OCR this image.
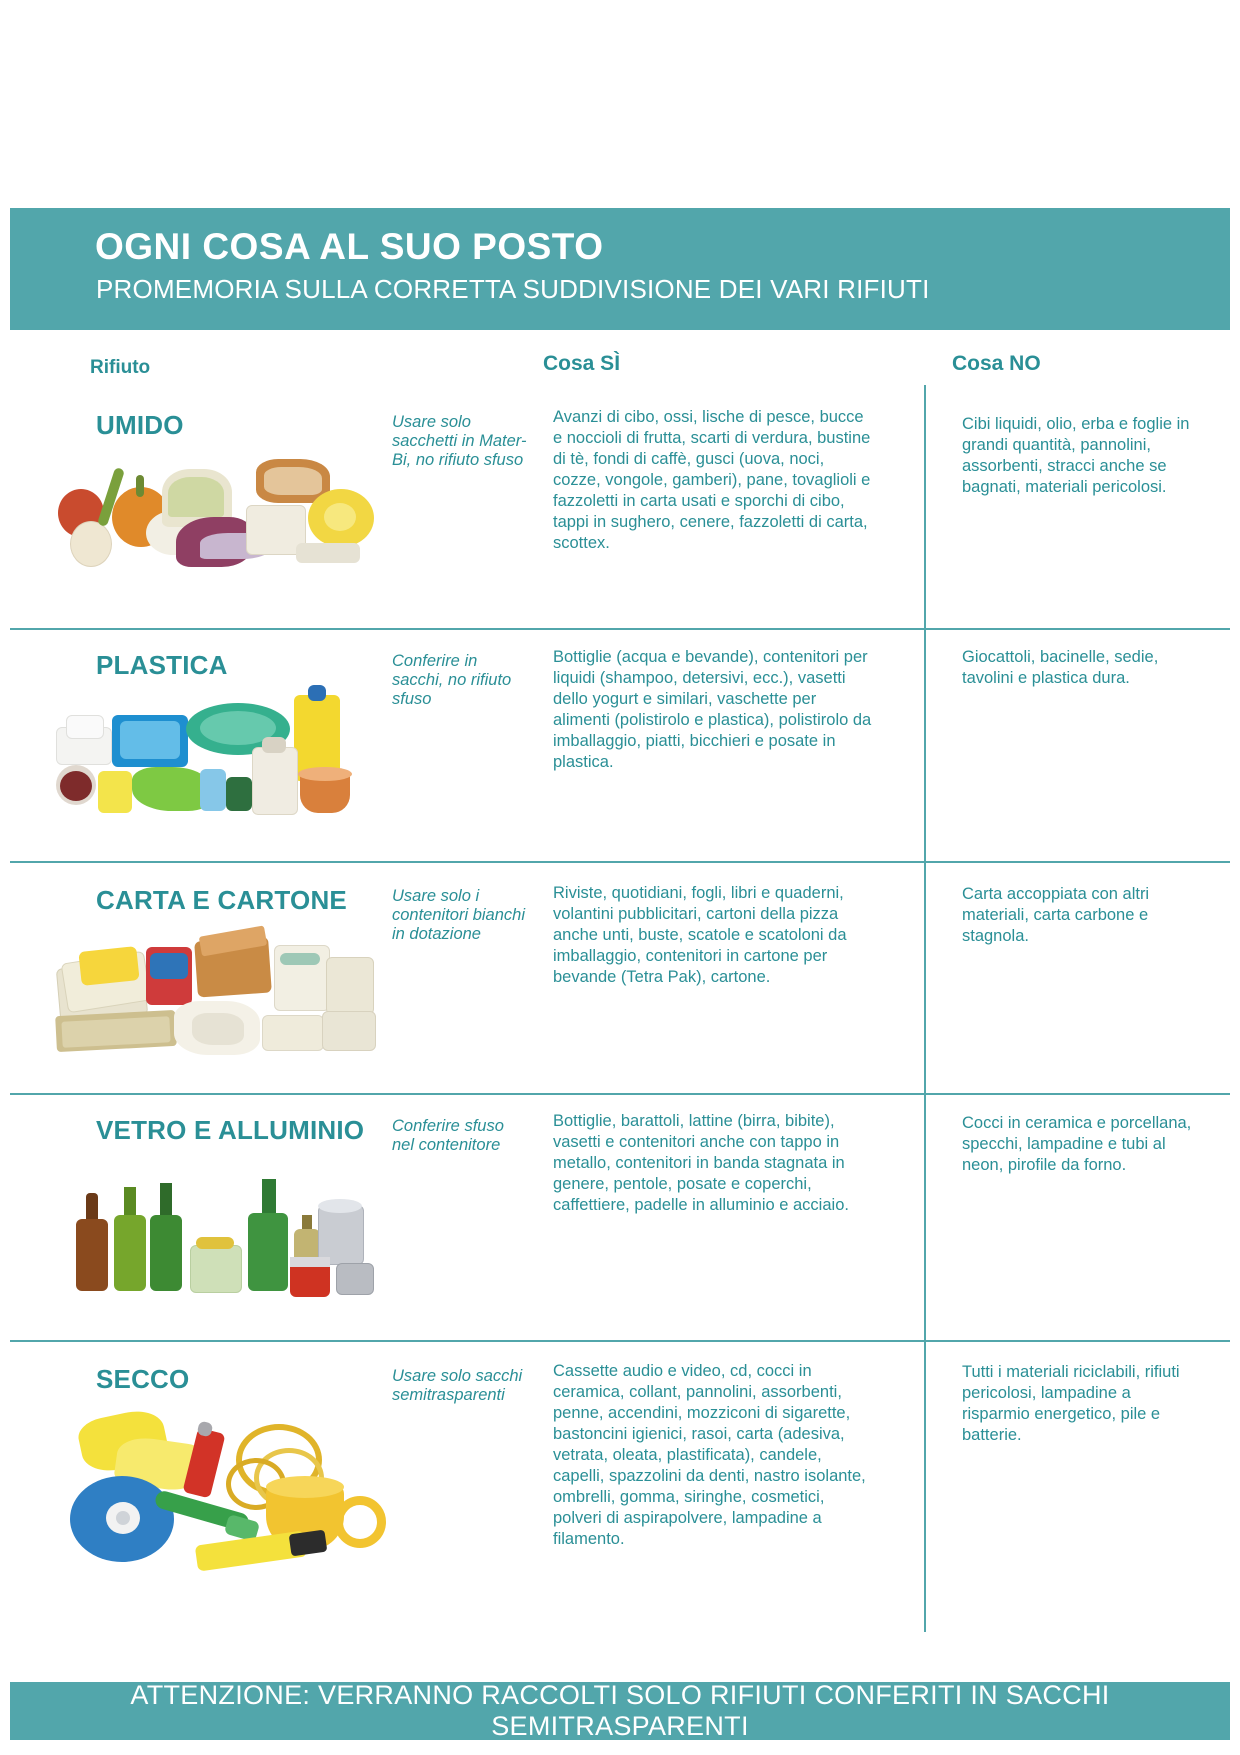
OGNI COSA AL SUO POSTO
PROMEMORIA SULLA CORRETTA SUDDIVISIONE DEI VARI RIFIUTI
Rifiuto	Cosa SÌ	Cosa NO
UMIDO	Usare solo sacchetti in Mater-Bi, no rifiuto sfuso
Avanzi di cibo, ossi, lische di pesce, bucce e noccioli di frutta, scarti di verdura, bustine di tè, fondi di caffè, gusci (uova, noci, cozze, vongole, gamberi), pane, tovaglioli e fazzoletti in carta usati e sporchi di cibo, tappi in sughero, cenere, fazzoletti di carta, scottex.
Cibi liquidi, olio, erba e foglie in grandi quantità, pannolini, assorbenti, stracci anche se bagnati, materiali pericolosi.
PLASTICA	Conferire in sacchi, no rifiuto sfuso
Bottiglie (acqua e bevande), contenitori per liquidi (shampoo, detersivi, ecc.), vasetti dello yogurt e similari, vaschette per alimenti (polistirolo e plastica), polistirolo da imballaggio, piatti, bicchieri e posate in plastica.
Giocattoli, bacinelle, sedie, tavolini e plastica dura.
CARTA E CARTONE	Usare solo i contenitori bianchi in dotazione
Riviste, quotidiani, fogli, libri e quaderni, volantini pubblicitari, cartoni della pizza anche unti, buste, scatole e scatoloni da imballaggio, contenitori in cartone per bevande (Tetra Pak), cartone.
Carta accoppiata con altri materiali, carta carbone e stagnola.
VETRO E ALLUMINIO Conferire sfuso nel contenitore
Bottiglie, barattoli, lattine (birra, bibite), vasetti e contenitori anche con tappo in metallo, contenitori in banda stagnata in genere, pentole, posate e coperchi, caffettiere, padelle in alluminio e acciaio.
Cocci in ceramica e porcellana, specchi, lampadine e tubi al neon, pirofile da forno.
SECCO	Usare solo sacchi semitrasparenti
Cassette audio e video, cd, cocci in ceramica, collant, pannolini, assorbenti, penne, accendini, mozziconi di sigarette, bastoncini igienici, rasoi, carta (adesiva, vetrata, oleata, plastificata), candele, capelli, spazzolini da denti, nastro isolante, ombrelli, gomma, siringhe, cosmetici, polveri di aspirapolvere, lampadine a filamento.
Tutti i materiali riciclabili, rifiuti pericolosi, lampadine a risparmio energetico, pile e batterie.
ATTENZIONE: VERRANNO RACCOLTI SOLO RIFIUTI CONFERITI IN SACCHI SEMITRASPARENTI
